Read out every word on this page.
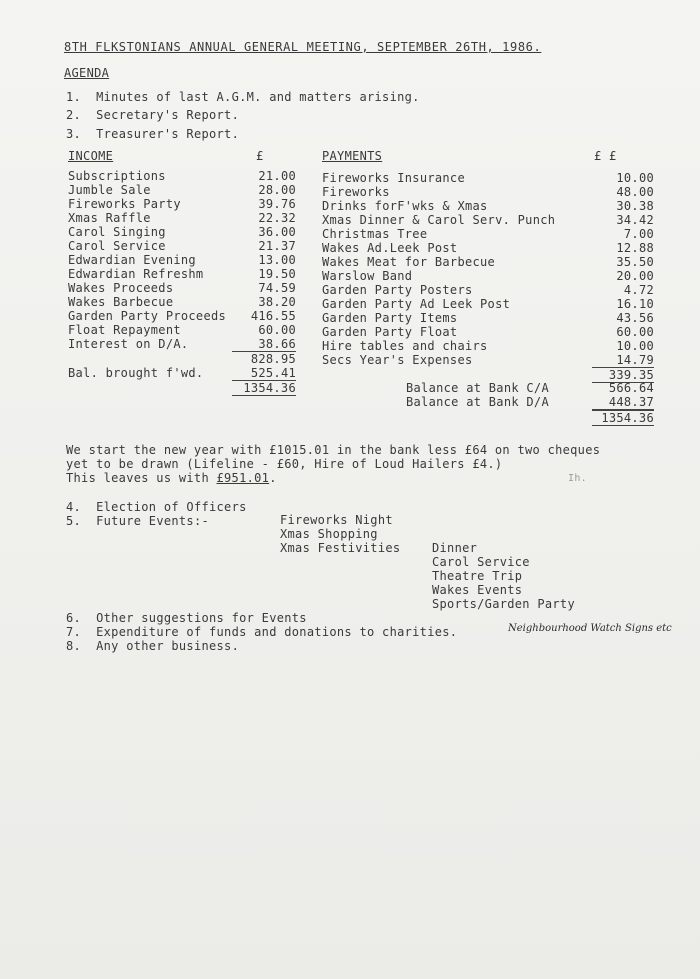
8TH FLKSTONIANS ANNUAL GENERAL MEETING, SEPTEMBER 26TH, 1986.
AGENDA
1. Minutes of last A.G.M. and matters arising.
2. Secretary's Report.
3. Treasurer's Report.
INCOME	£	PAYMENTS	£ £
Subscriptions	21.00
Jumble Sale	28.00
Fireworks Party	39.76
Xmas Raffle	22.32
Carol Singing	36.00
Carol Service	21.37
Edwardian Evening	13.00
Edwardian Refreshm	19.50
Wakes Proceeds	74.59
Wakes Barbecue	38.20
Garden Party Proceeds	416.55
Float Repayment	60.00
Interest on D/A.	38.66
828.95
Bal. brought f'wd.	525.41
1354.36
Fireworks Insurance	10.00
Fireworks	48.00
Drinks forF'wks & Xmas	30.38
Christmas Tree	7.00
Xmas Dinner & Carol Serv. Punch	34.42
Wakes Ad.Leek Post	12.88
Wakes Meat for Barbecue	35.50
Warslow Band	20.00
Garden Party Posters	4.72
Garden Party Ad Leek Post	16.10
Garden Party Items	43.56
Garden Party Float	60.00
Hire tables and chairs	10.00
Secs Year's Expenses	14.79
339.35
Balance at Bank C/A	566.64
Balance at Bank D/A	448.37
1354.36
We start the new year with £1015.01 in the bank less £64 on two cheques
yet to be drawn (Lifeline - £60, Hire of Loud Hailers £4.)
This leaves us with £951.01.	Ih.
4. Election of Officers
5. Future Events:-	Fireworks Night
Xmas Shopping
Xmas Festivities	Dinner
Carol Service
Theatre Trip
Wakes Events
Sports/Garden Party
6. Other suggestions for Events
7. Expenditure of funds and donations to charities.	Neighbourhood Watch Signs etc
8. Any other business.
